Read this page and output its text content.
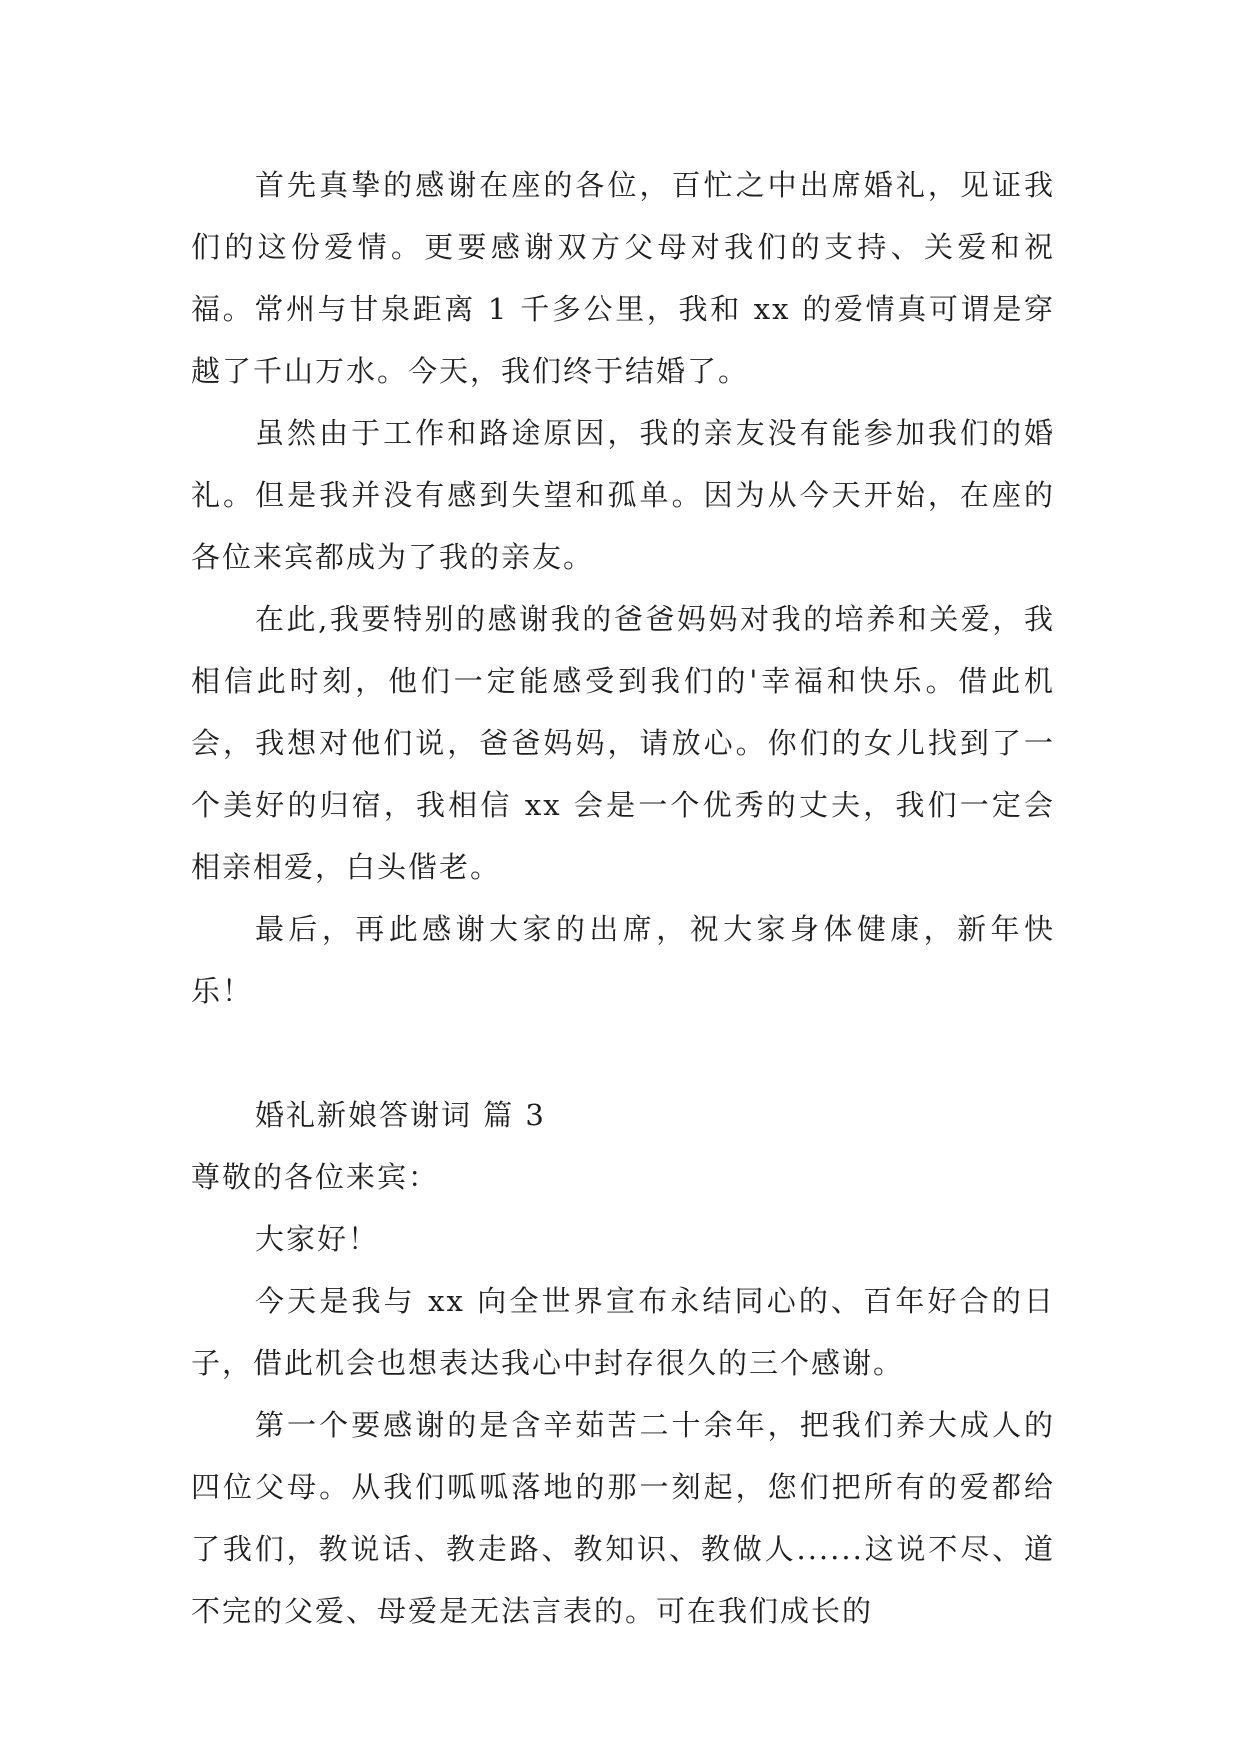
首先真挚的感谢在座的各位，百忙之中出席婚礼，见证我们的这份爱情。更要感谢双方父母对我们的支持、关爱和祝福。常州与甘泉距离 1 千多公里，我和 xx 的爱情真可谓是穿越了千山万水。今天，我们终于结婚了。

虽然由于工作和路途原因，我的亲友没有能参加我们的婚礼。但是我并没有感到失望和孤单。因为从今天开始，在座的各位来宾都成为了我的亲友。

在此,我要特别的感谢我的爸爸妈妈对我的培养和关爱，我相信此时刻，他们一定能感受到我们的'幸福和快乐。借此机会，我想对他们说，爸爸妈妈，请放心。你们的女儿找到了一个美好的归宿，我相信 xx 会是一个优秀的丈夫，我们一定会相亲相爱，白头偕老。

最后，再此感谢大家的出席，祝大家身体健康，新年快乐！

婚礼新娘答谢词 篇 3

尊敬的各位来宾：

大家好！

今天是我与 xx 向全世界宣布永结同心的、百年好合的日子，借此机会也想表达我心中封存很久的三个感谢。

第一个要感谢的是含辛茹苦二十余年，把我们养大成人的四位父母。从我们呱呱落地的那一刻起，您们把所有的爱都给了我们，教说话、教走路、教知识、教做人......这说不尽、道不完的父爱、母爱是无法言表的。可在我们成长的
